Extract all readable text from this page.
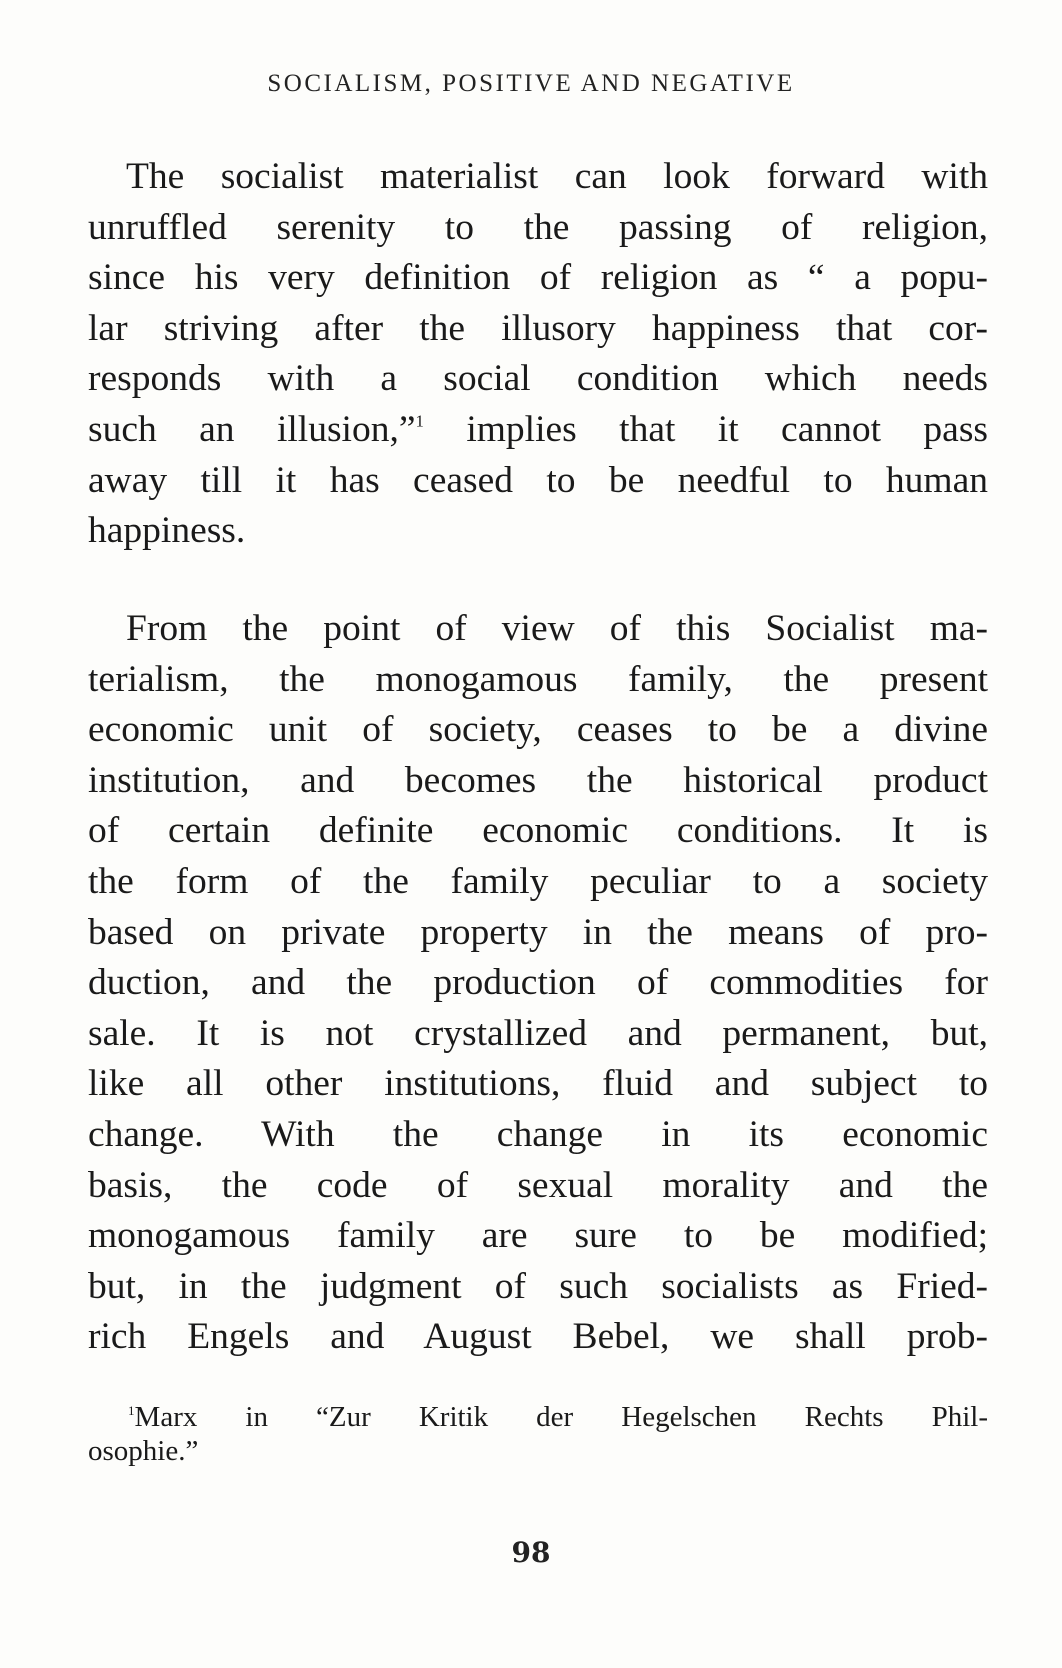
SOCIALISM, POSITIVE AND NEGATIVE
The socialist materialist can look forward with
unruffled serenity to the passing of religion,
since his very definition of religion as “ a popu-
lar striving after the illusory happiness that cor-
responds with a social condition which needs
such an illusion,”$^1$ implies that it cannot pass
away till it has ceased to be needful to human
happiness.
From the point of view of this Socialist ma-
terialism, the monogamous family, the present
economic unit of society, ceases to be a divine
institution, and becomes the historical product
of certain definite economic conditions. It is
the form of the family peculiar to a society
based on private property in the means of pro-
duction, and the production of commodities for
sale. It is not crystallized and permanent, but,
like all other institutions, fluid and subject to
change. With the change in its economic
basis, the code of sexual morality and the
monogamous family are sure to be modified;
but, in the judgment of such socialists as Fried-
rich Engels and August Bebel, we shall prob-
$^1$Marx in “Zur Kritik der Hegelschen Rechts Phil-
osophie.”
98
